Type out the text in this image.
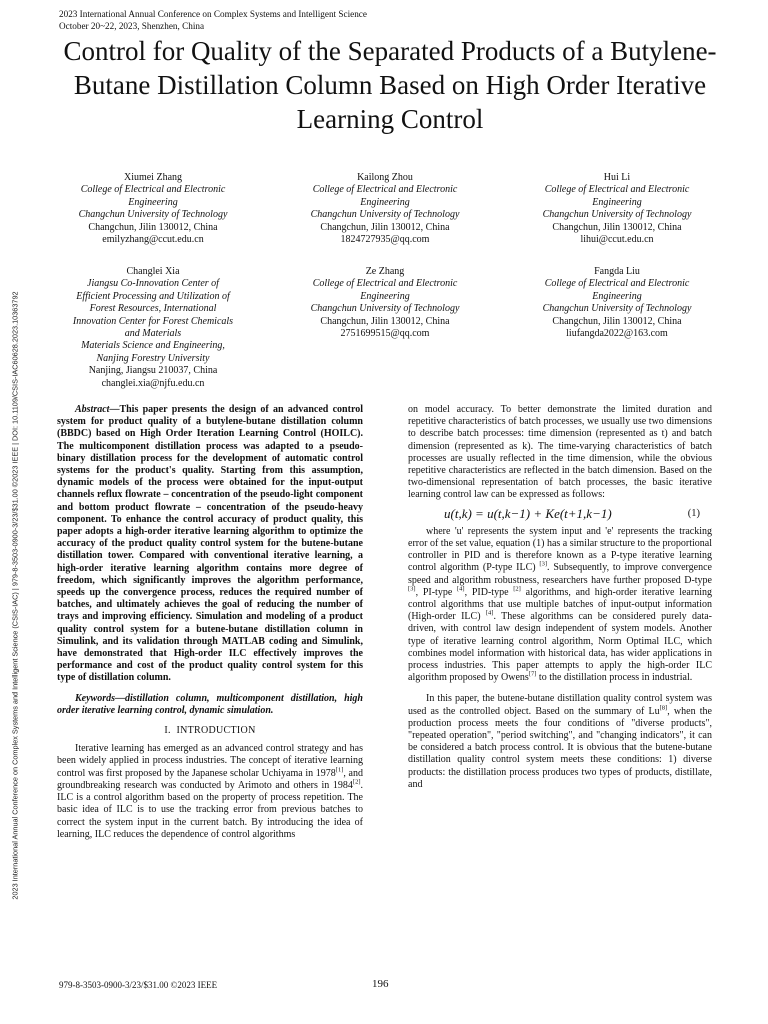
2023 International Annual Conference on Complex Systems and Intelligent Science
October 20~22, 2023, Shenzhen, China
Control for Quality of the Separated Products of a Butylene-Butane Distillation Column Based on High Order Iterative Learning Control
2023 International Annual Conference on Complex Systems and Intelligent Science (CSIS-IAC) | 979-8-3503-0900-3/23/$31.00 ©2023 IEEE | DOI: 10.1109/CSIS-IAC60628.2023.10363792
Xiumei Zhang
College of Electrical and Electronic
Engineering
Changchun University of Technology
Changchun, Jilin 130012, China
emilyzhang@ccut.edu.cn
Kailong Zhou
College of Electrical and Electronic
Engineering
Changchun University of Technology
Changchun, Jilin 130012, China
1824727935@qq.com
Hui Li
College of Electrical and Electronic
Engineering
Changchun University of Technology
Changchun, Jilin 130012, China
lihui@ccut.edu.cn
Changlei Xia
Jiangsu Co-Innovation Center of
Efficient Processing and Utilization of
Forest Resources, International
Innovation Center for Forest Chemicals
and Materials
Materials Science and Engineering,
Nanjing Forestry University
Nanjing, Jiangsu 210037, China
changlei.xia@njfu.edu.cn
Ze Zhang
College of Electrical and Electronic
Engineering
Changchun University of Technology
Changchun, Jilin 130012, China
2751699515@qq.com
Fangda Liu
College of Electrical and Electronic
Engineering
Changchun University of Technology
Changchun, Jilin 130012, China
liufangda2022@163.com

Abstract—This paper presents the design of an advanced control system for product quality of a butylene-butane distillation column (BBDC) based on High Order Iteration Learning Control (HOILC). The multicomponent distillation process was adapted to a pseudo-binary distillation process for the development of automatic control systems for the product's quality. Starting from this assumption, dynamic models of the process were obtained for the input-output channels reflux flowrate – concentration of the pseudo-light component and bottom product flowrate – concentration of the pseudo-heavy component. To enhance the control accuracy of product quality, this paper adopts a high-order iterative learning algorithm to optimize the accuracy of the product quality control system for the butene-butane distillation tower. Compared with conventional iterative learning, a high-order iterative learning algorithm contains more degree of freedom, which significantly improves the algorithm performance, speeds up the convergence process, reduces the required number of batches, and ultimately achieves the goal of reducing the number of trays and improving efficiency. Simulation and modeling of a product quality control system for a butene-butane distillation column in Simulink, and its validation through MATLAB coding and Simulink, have demonstrated that High-order ILC effectively improves the performance and cost of the product quality control system for this type of distillation column.

Keywords—distillation column, multicomponent distillation, high order iterative learning control, dynamic simulation.

I. INTRODUCTION

Iterative learning has emerged as an advanced control strategy and has been widely applied in process industries. The concept of iterative learning control was first proposed by the Japanese scholar Uchiyama in 1978[1], and groundbreaking research was conducted by Arimoto and others in 1984[2]. ILC is a control algorithm based on the property of process repetition. The basic idea of ILC is to use the tracking error from previous batches to correct the system input in the current batch. By introducing the idea of learning, ILC reduces the dependence of control algorithms

on model accuracy. To better demonstrate the limited duration and repetitive characteristics of batch processes, we usually use two dimensions to describe batch processes: time dimension (represented as t) and batch dimension (represented as k). The time-varying characteristics of batch processes are usually reflected in the time dimension, while the obvious repetitive characteristics are reflected in the batch dimension. Based on the two-dimensional representation of batch processes, the basic iterative learning control law can be expressed as follows:

u(t,k) = u(t,k−1) + Ke(t+1,k−1)	(1)

where 'u' represents the system input and 'e' represents the tracking error of the set value, equation (1) has a similar structure to the proportional controller in PID and is therefore known as a P-type iterative learning control algorithm (P-type ILC) [3]. Subsequently, to improve convergence speed and algorithm robustness, researchers have further proposed D-type [3], PI-type [4], PID-type [2] algorithms, and high-order iterative learning control algorithms that use multiple batches of input-output information (High-order ILC) [4]. These algorithms can be considered purely data-driven, with control law design independent of system models. Another type of iterative learning control algorithm, Norm Optimal ILC, which combines model information with historical data, has wider applications in process industries. This paper attempts to apply the high-order ILC algorithm proposed by Owens[7] to the distillation process in industrial.

In this paper, the butene-butane distillation quality control system was used as the controlled object. Based on the summary of Lu[8], when the production process meets the four conditions of "diverse products", "repeated operation", "period switching", and "changing indicators", it can be considered a batch process control. It is obvious that the butene-butane distillation quality control system meets these conditions: 1) diverse products: the distillation process produces two types of products, distillate, and

979-8-3503-0900-3/23/$31.00 ©2023 IEEE	196
